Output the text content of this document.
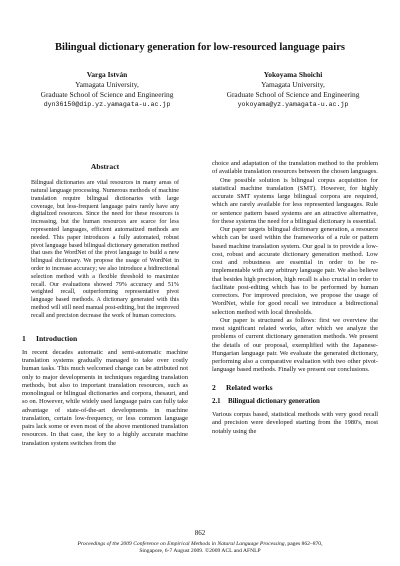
Bilingual dictionary generation for low-resourced language pairs
Varga István
Yamagata University,
Graduate School of Science and Engineering
dyn36150@dip.yz.yamagata-u.ac.jp
Yokoyama Shoichi
Yamagata University,
Graduate School of Science and Engineering
yokoyama@yz.yamagata-u.ac.jp
Abstract
Bilingual dictionaries are vital resources in many areas of natural language processing. Numerous methods of machine translation require bilingual dictionaries with large coverage, but less-frequent language pairs rarely have any digitalized resources. Since the need for these resources is increasing, but the human resources are scarce for less represented languages, efficient automatized methods are needed. This paper introduces a fully automated, robust pivot language based bilingual dictionary generation method that uses the WordNet of the pivot language to build a new bilingual dictionary. We propose the usage of WordNet in order to increase accuracy; we also introduce a bidirectional selection method with a flexible threshold to maximize recall. Our evaluations showed 79% accuracy and 51% weighted recall, outperforming representative pivot language based methods. A dictionary generated with this method will still need manual post-editing, but the improved recall and precision decrease the work of human correctors.
1 Introduction

In recent decades automatic and semi-automatic machine translation systems gradually managed to take over costly human tasks. This much welcomed change can be attributed not only to major developments in techniques regarding translation methods, but also to important translation resources, such as monolingual or bilingual dictionaries and corpora, thesauri, and so on. However, while widely used language pairs can fully take advantage of state-of-the-art developments in machine translation, certain low-frequency, or less common language pairs lack some or even most of the above mentioned translation resources. In that case, the key to a highly accurate machine translation system switches from the

choice and adaptation of the translation method to the problem of available translation resources between the chosen languages.

One possible solution is bilingual corpus acquisition for statistical machine translation (SMT). However, for highly accurate SMT systems large bilingual corpora are required, which are rarely available for less represented languages. Rule or sentence pattern based systems are an attractive alternative, for these systems the need for a bilingual dictionary is essential.

Our paper targets bilingual dictionary generation, a resource which can be used within the frameworks of a rule or pattern based machine translation system. Our goal is to provide a low-cost, robust and accurate dictionary generation method. Low cost and robustness are essential in order to be re-implementable with any arbitrary language pair. We also believe that besides high precision, high recall is also crucial in order to facilitate post-editing which has to be performed by human correctors. For improved precision, we propose the usage of WordNet, while for good recall we introduce a bidirectional selection method with local thresholds.

Our paper is structured as follows: first we overview the most significant related works, after which we analyze the problems of current dictionary generation methods. We present the details of our proposal, exemplified with the Japanese-Hungarian language pair. We evaluate the generated dictionary, performing also a comparative evaluation with two other pivot-language based methods. Finally we present our conclusions.

2 Related works
2.1 Bilingual dictionary generation

Various corpus based, statistical methods with very good recall and precision were developed starting from the 1980's, most notably using the

862
Proceedings of the 2009 Conference on Empirical Methods in Natural Language Processing, pages 862–870,
Singapore, 6-7 August 2009. ©2009 ACL and AFNLP
